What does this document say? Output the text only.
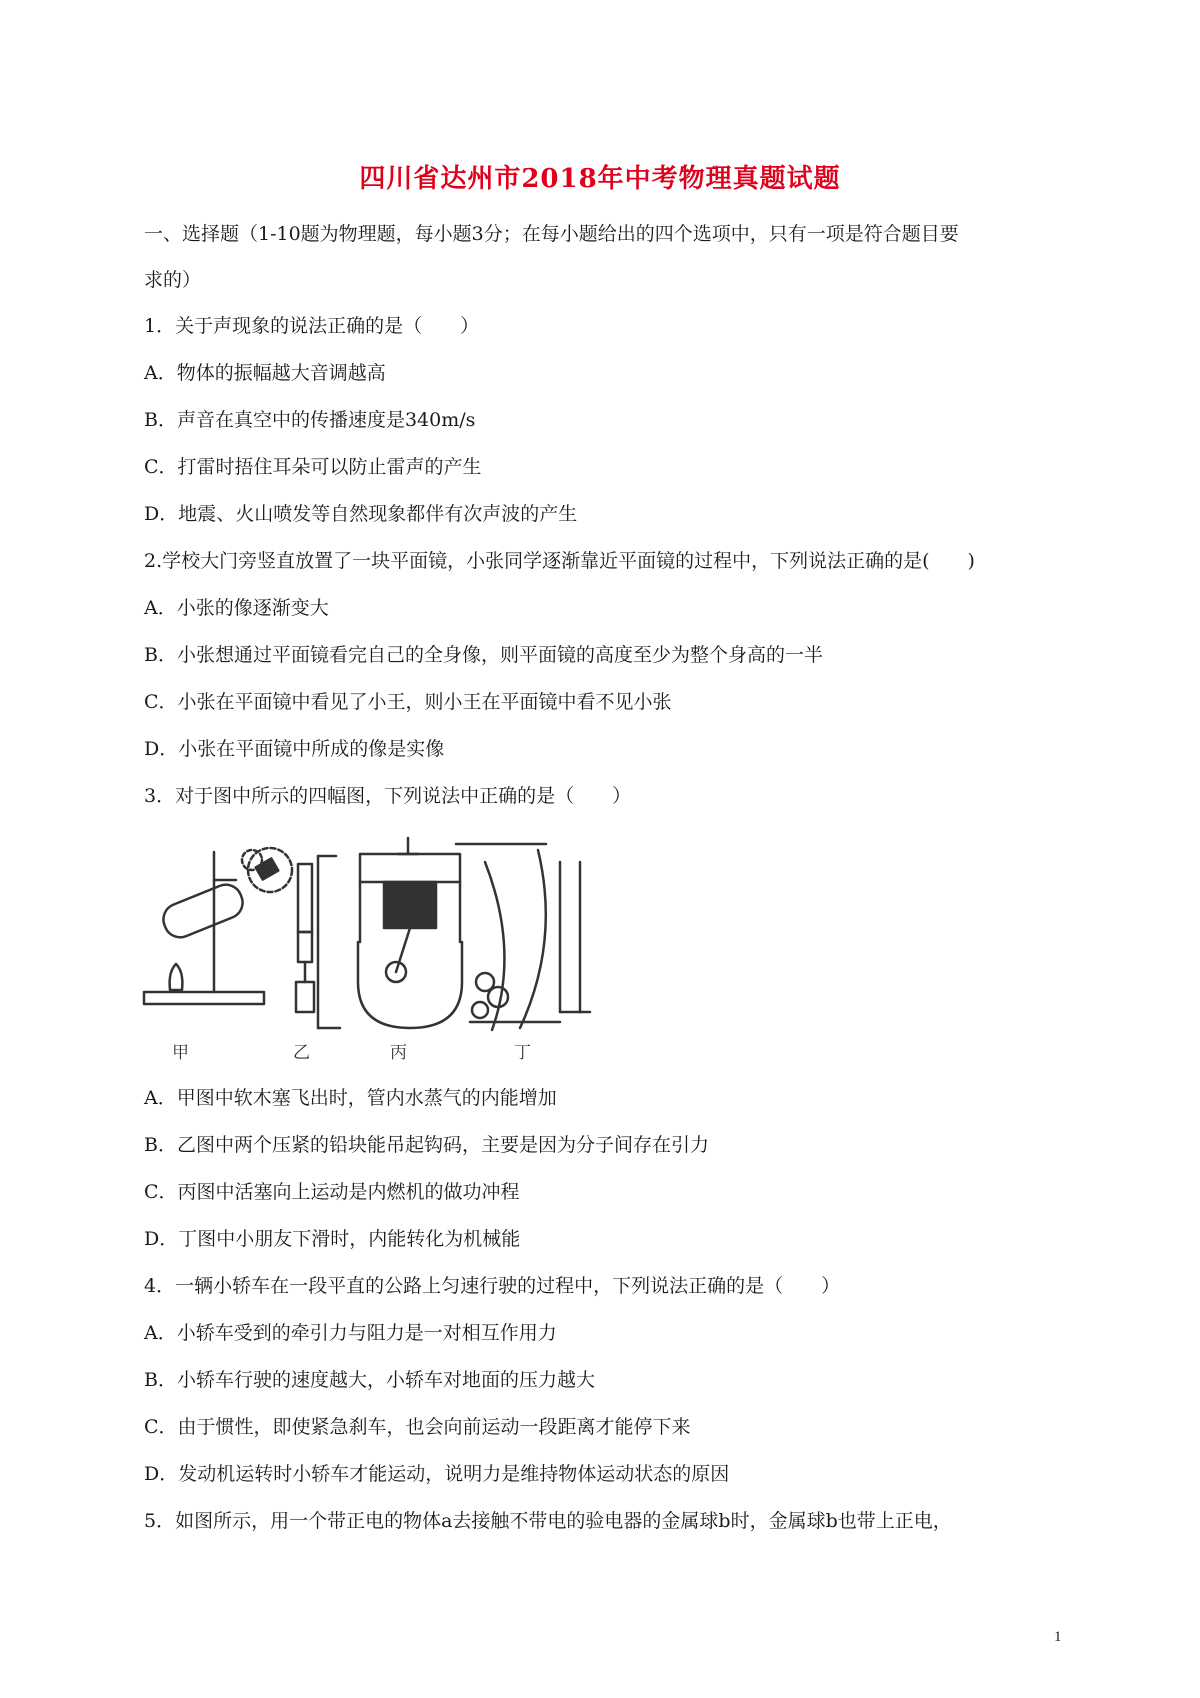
四川省达州市2018年中考物理真题试题
一、选择题（1-10题为物理题，每小题3分；在每小题给出的四个选项中，只有一项是符合题目要
求的）
1．关于声现象的说法正确的是（　　）
A．物体的振幅越大音调越高
B．声音在真空中的传播速度是340m/s
C．打雷时捂住耳朵可以防止雷声的产生
D．地震、火山喷发等自然现象都伴有次声波的产生
2.学校大门旁竖直放置了一块平面镜，小张同学逐渐靠近平面镜的过程中，下列说法正确的是(　　)
A．小张的像逐渐变大
B．小张想通过平面镜看完自己的全身像，则平面镜的高度至少为整个身高的一半
C．小张在平面镜中看见了小王，则小王在平面镜中看不见小张
D．小张在平面镜中所成的像是实像
3．对于图中所示的四幅图，下列说法中正确的是（　　）
甲	乙	丙	丁
A．甲图中软木塞飞出时，管内水蒸气的内能增加
B．乙图中两个压紧的铅块能吊起钩码，主要是因为分子间存在引力
C．丙图中活塞向上运动是内燃机的做功冲程
D．丁图中小朋友下滑时，内能转化为机械能
4．一辆小轿车在一段平直的公路上匀速行驶的过程中，下列说法正确的是（　　）
A．小轿车受到的牵引力与阻力是一对相互作用力
B．小轿车行驶的速度越大，小轿车对地面的压力越大
C．由于惯性，即使紧急刹车，也会向前运动一段距离才能停下来
D．发动机运转时小轿车才能运动，说明力是维持物体运动状态的原因
5．如图所示，用一个带正电的物体a去接触不带电的验电器的金属球b时，金属球b也带上正电，
1
